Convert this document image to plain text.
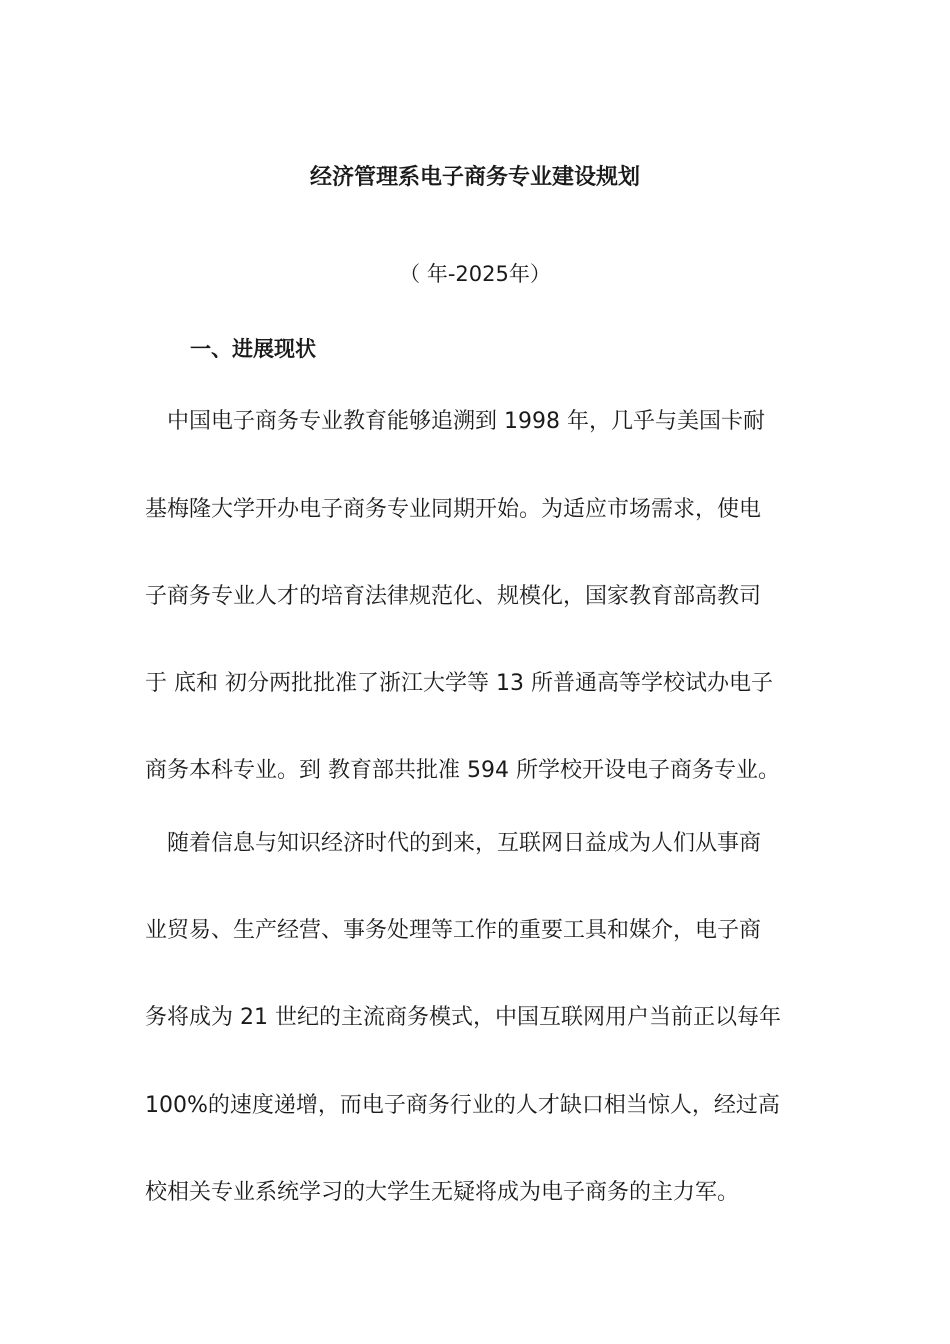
经济管理系电子商务专业建设规划
（ 年-2025年）
一、进展现状
　中国电子商务专业教育能够追溯到 1998 年，几乎与美国卡耐
基梅隆大学开办电子商务专业同期开始。为适应市场需求，使电
子商务专业人才的培育法律规范化、规模化，国家教育部高教司
于 底和 初分两批批准了浙江大学等 13 所普通高等学校试办电子
商务本科专业。到 教育部共批准 594 所学校开设电子商务专业。
　随着信息与知识经济时代的到来，互联网日益成为人们从事商
业贸易、生产经营、事务处理等工作的重要工具和媒介，电子商
务将成为 21 世纪的主流商务模式，中国互联网用户当前正以每年
100%的速度递增，而电子商务行业的人才缺口相当惊人，经过高
校相关专业系统学习的大学生无疑将成为电子商务的主力军。
